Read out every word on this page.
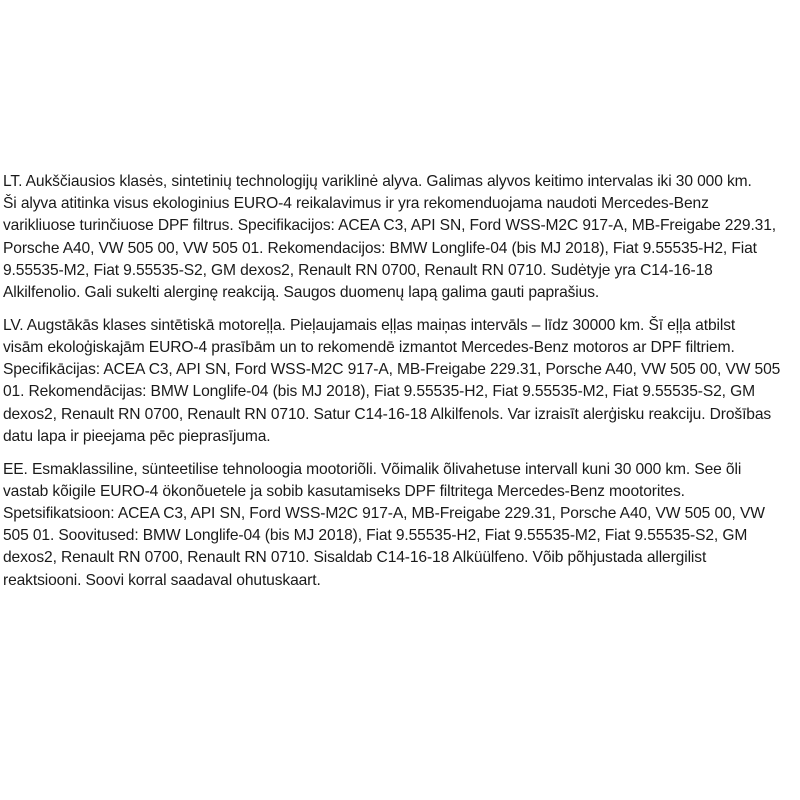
LT. Aukščiausios klasės, sintetinių technologijų variklinė alyva. Galimas alyvos keitimo intervalas iki 30 000 km.
Ši alyva atitinka visus ekologinius EURO-4 reikalavimus ir yra rekomenduojama naudoti Mercedes-Benz
varikliuose turinčiuose DPF filtrus. Specifikacijos: ACEA C3, API SN, Ford WSS-M2C 917-A, MB-Freigabe 229.31,
Porsche A40, VW 505 00, VW 505 01. Rekomendacijos: BMW Longlife-04 (bis MJ 2018), Fiat 9.55535-H2, Fiat
9.55535-M2, Fiat 9.55535-S2, GM dexos2, Renault RN 0700, Renault RN 0710. Sudėtyje yra C14-16-18
Alkilfenolio. Gali sukelti alerginę reakciją. Saugos duomenų lapą galima gauti paprašius.

LV. Augstākās klases sintētiskā motoreļļa. Pieļaujamais eļļas maiņas intervāls – līdz 30000 km. Šī eļļa atbilst
visām ekoloģiskajām EURO-4 prasībām un to rekomendē izmantot Mercedes-Benz motoros ar DPF filtriem.
Specifikācijas: ACEA C3, API SN, Ford WSS-M2C 917-A, MB-Freigabe 229.31, Porsche A40, VW 505 00, VW 505
01. Rekomendācijas: BMW Longlife-04 (bis MJ 2018), Fiat 9.55535-H2, Fiat 9.55535-M2, Fiat 9.55535-S2, GM
dexos2, Renault RN 0700, Renault RN 0710. Satur C14-16-18 Alkilfenols. Var izraisīt alerģisku reakciju. Drošības
datu lapa ir pieejama pēc pieprasījuma.

EE. Esmaklassiline, sünteetilise tehnoloogia mootoriõli. Võimalik õlivahetuse intervall kuni 30 000 km. See õli
vastab kõigile EURO-4 ökonõuetele ja sobib kasutamiseks DPF filtritega Mercedes-Benz mootorites.
Spetsifikatsioon: ACEA C3, API SN, Ford WSS-M2C 917-A, MB-Freigabe 229.31, Porsche A40, VW 505 00, VW
505 01. Soovitused: BMW Longlife-04 (bis MJ 2018), Fiat 9.55535-H2, Fiat 9.55535-M2, Fiat 9.55535-S2, GM
dexos2, Renault RN 0700, Renault RN 0710. Sisaldab C14-16-18 Alküülfeno. Võib põhjustada allergilist
reaktsiooni. Soovi korral saadaval ohutuskaart.
